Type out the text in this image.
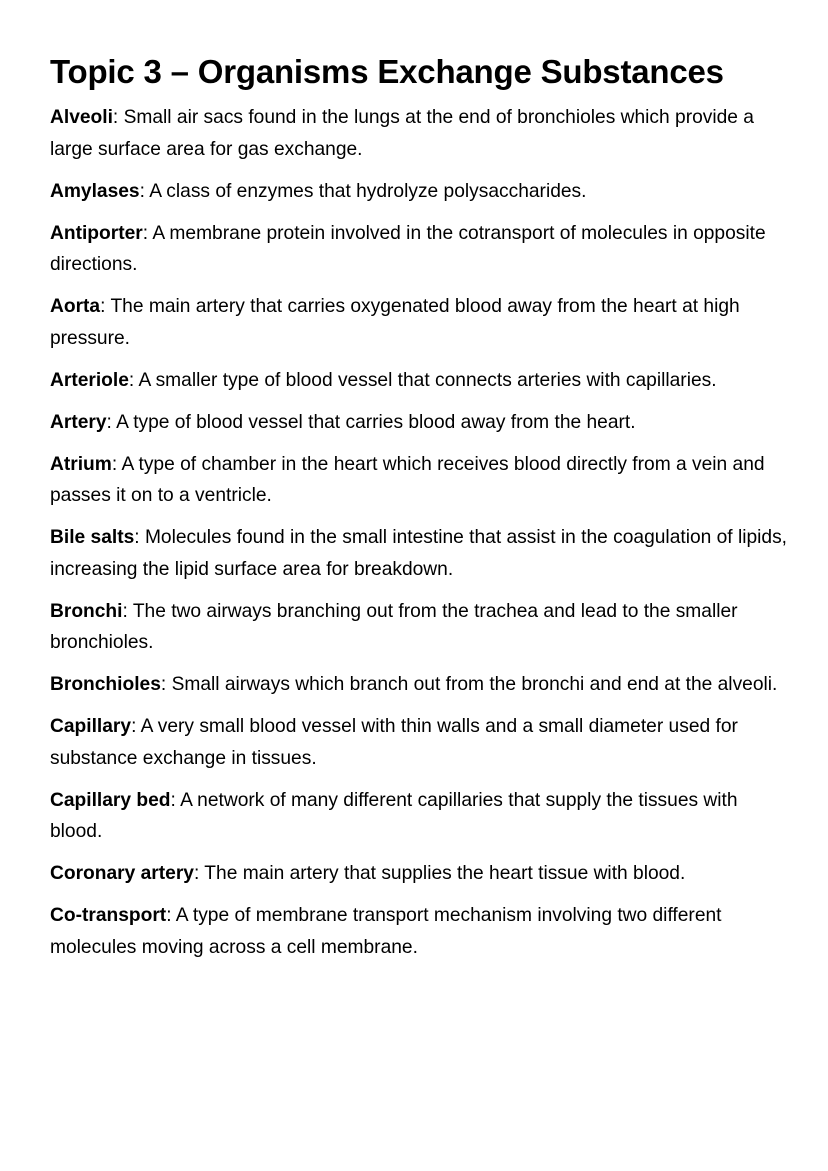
Topic 3 – Organisms Exchange Substances

Alveoli: Small air sacs found in the lungs at the end of bronchioles which provide a large surface area for gas exchange.

Amylases: A class of enzymes that hydrolyze polysaccharides.

Antiporter: A membrane protein involved in the cotransport of molecules in opposite directions.

Aorta: The main artery that carries oxygenated blood away from the heart at high pressure.

Arteriole: A smaller type of blood vessel that connects arteries with capillaries.

Artery: A type of blood vessel that carries blood away from the heart.

Atrium: A type of chamber in the heart which receives blood directly from a vein and passes it on to a ventricle.

Bile salts: Molecules found in the small intestine that assist in the coagulation of lipids, increasing the lipid surface area for breakdown.

Bronchi: The two airways branching out from the trachea and lead to the smaller bronchioles.

Bronchioles: Small airways which branch out from the bronchi and end at the alveoli.

Capillary: A very small blood vessel with thin walls and a small diameter used for substance exchange in tissues.

Capillary bed: A network of many different capillaries that supply the tissues with blood.

Coronary artery: The main artery that supplies the heart tissue with blood.

Co-transport: A type of membrane transport mechanism involving two different molecules moving across a cell membrane.
